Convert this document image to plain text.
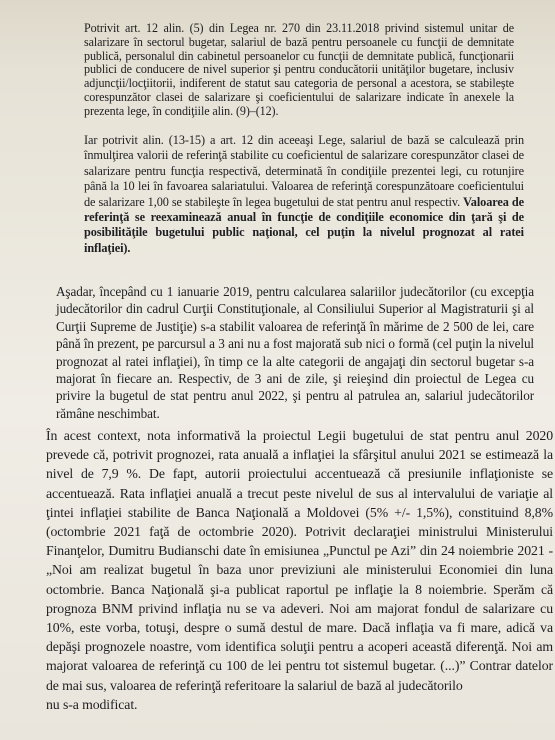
Potrivit art. 12 alin. (5) din Legea nr. 270 din 23.11.2018 privind sistemul unitar de salarizare în sectorul bugetar, salariul de bază pentru persoanele cu funcţii de demnitate publică, personalul din cabinetul persoanelor cu funcţii de demnitate publică, funcţionarii publici de conducere de nivel superior şi pentru conducătorii unităţilor bugetare, inclusiv adjuncţii/locţiitorii, indiferent de statut sau categoria de personal a acestora, se stabileşte corespunzător clasei de salarizare şi coeficientului de salarizare indicate în anexele la prezenta lege, în condiţiile alin. (9)–(12).

Iar potrivit alin. (13-15) a art. 12 din aceeaşi Lege, salariul de bază se calculează prin înmulţirea valorii de referinţă stabilite cu coeficientul de salarizare corespunzător clasei de salarizare pentru funcţia respectivă, determinată în condiţiile prezentei legi, cu rotunjire până la 10 lei în favoarea salariatului. Valoarea de referinţă corespunzătoare coeficientului de salarizare 1,00 se stabileşte în legea bugetului de stat pentru anul respectiv. Valoarea de referinţă se reexaminează anual în funcţie de condiţiile economice din ţară şi de posibilităţile bugetului public naţional, cel puţin la nivelul prognozat al ratei inflaţiei).

Aşadar, începând cu 1 ianuarie 2019, pentru calcularea salariilor judecătorilor (cu excepţia judecătorilor din cadrul Curţii Constituţionale, al Consiliului Superior al Magistraturii şi al Curţii Supreme de Justiţie) s-a stabilit valoarea de referinţă în mărime de 2 500 de lei, care până în prezent, pe parcursul a 3 ani nu a fost majorată sub nici o formă (cel puţin la nivelul prognozat al ratei inflaţiei), în timp ce la alte categorii de angajaţi din sectorul bugetar s-a majorat în fiecare an. Respectiv, de 3 ani de zile, şi reieşind din proiectul de Legea cu privire la bugetul de stat pentru anul 2022, şi pentru al patrulea an, salariul judecătorilor rămâne neschimbat.

În acest context, nota informativă la proiectul Legii bugetului de stat pentru anul 2020 prevede că, potrivit prognozei, rata anuală a inflaţiei la sfârşitul anului 2021 se estimează la nivel de 7,9 %. De fapt, autorii proiectului accentuează că presiunile inflaţioniste se accentuează. Rata inflaţiei anuală a trecut peste nivelul de sus al intervalului de variaţie al ţintei inflaţiei stabilite de Banca Naţională a Moldovei (5% +/- 1,5%), constituind 8,8% (octombrie 2021 faţă de octombrie 2020). Potrivit declaraţiei ministrului Ministerului Finanţelor, Dumitru Budianschi date în emisiunea „Punctul pe Azi” din 24 noiembrie 2021 - „Noi am realizat bugetul în baza unor previziuni ale ministerului Economiei din luna octombrie. Banca Naţională şi-a publicat raportul pe inflaţie la 8 noiembrie. Sperăm că prognoza BNM privind inflaţia nu se va adeveri. Noi am majorat fondul de salarizare cu 10%, este vorba, totuşi, despre o sumă destul de mare. Dacă inflaţia va fi mare, adică va depăşi prognozele noastre, vom identifica soluţii pentru a acoperi această diferenţă. Noi am majorat valoarea de referinţă cu 100 de lei pentru tot sistemul bugetar. (...)” Contrar datelor de mai sus, valoarea de referinţă referitoare la salariul de bază al judecătorilo
nu s-a modificat.
